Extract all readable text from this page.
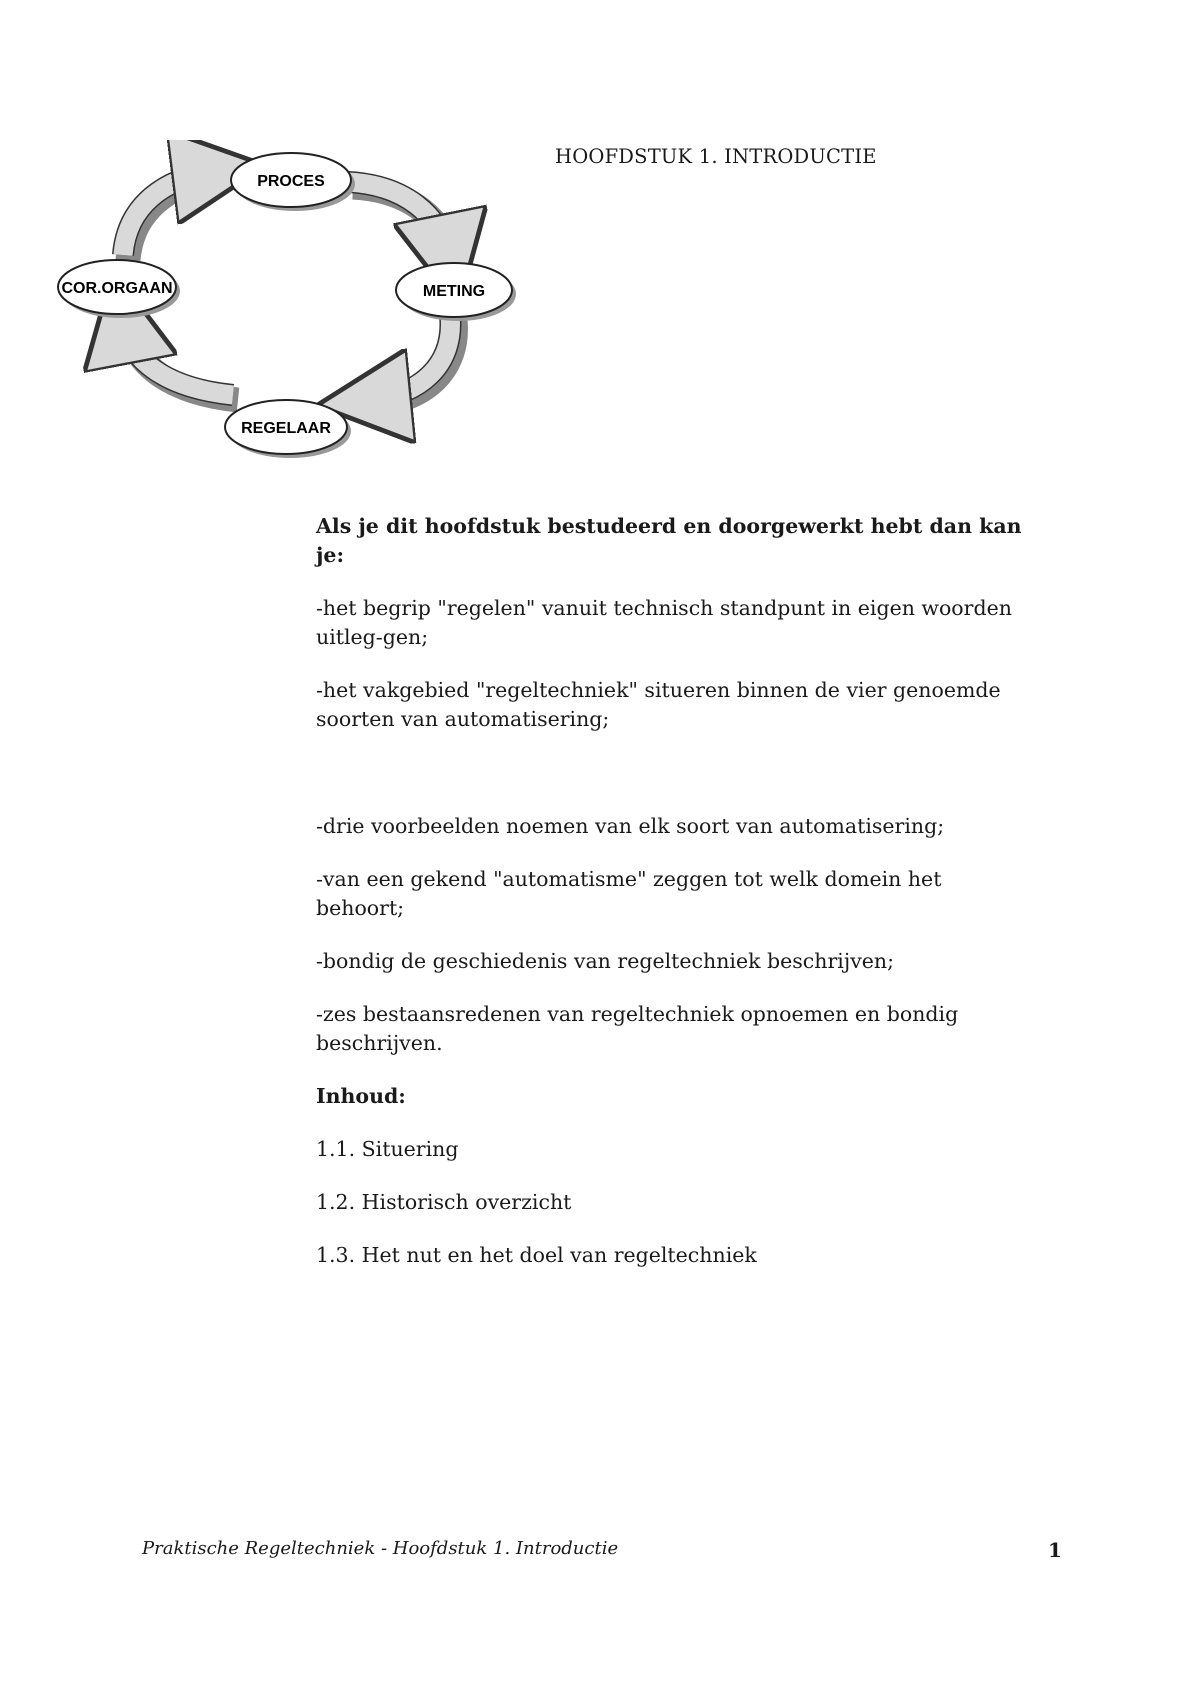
PROCES
METING
REGELAAR
COR.ORGAAN
HOOFDSTUK 1. INTRODUCTIE

Als je dit hoofdstuk bestudeerd en doorgewerkt hebt dan kan je:

-het begrip "regelen" vanuit technisch standpunt in eigen woorden uitleg-gen;

-het vakgebied "regeltechniek" situeren binnen de vier genoemde soorten van automatisering;

-drie voorbeelden noemen van elk soort van automatisering;

-van een gekend "automatisme" zeggen tot welk domein het behoort;

-bondig de geschiedenis van regeltechniek beschrijven;

-zes bestaansredenen van regeltechniek opnoemen en bondig beschrijven.

Inhoud:

1.1. Situering

1.2. Historisch overzicht

1.3. Het nut en het doel van regeltechniek

Praktische Regeltechniek - Hoofdstuk 1. Introductie	1
